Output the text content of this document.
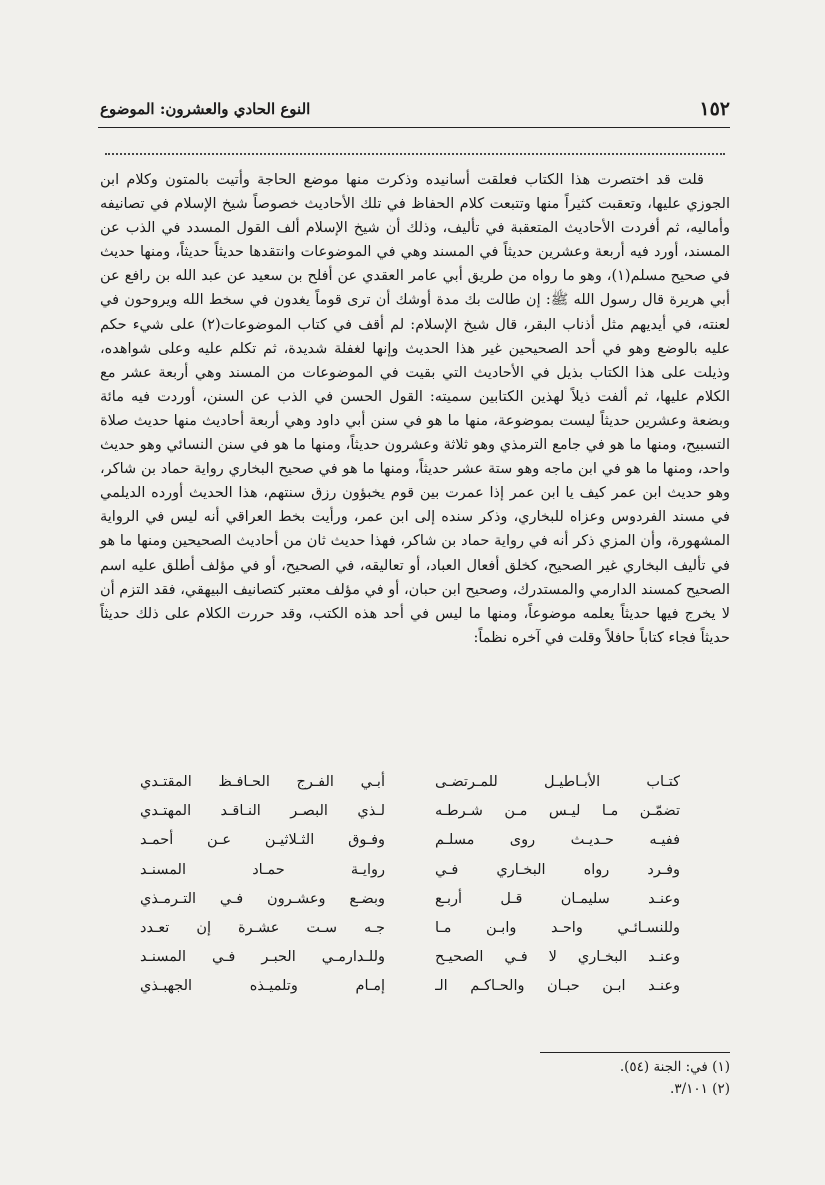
١٥٢
النوع الحادي والعشرون: الموضوع

قلت قد اختصرت هذا الكتاب فعلقت أسانيده وذكرت منها موضع الحاجة وأتيت بالمتون وكلام ابن الجوزي عليها، وتعقبت كثيراً منها وتتبعت كلام الحفاظ في تلك الأحاديث خصوصاً شيخ الإسلام في تصانيفه وأماليه، ثم أفردت الأحاديث المتعقبة في تأليف، وذلك أن شيخ الإسلام ألف القول المسدد في الذب عن المسند، أورد فيه أربعة وعشرين حديثاً في المسند وهي في الموضوعات وانتقدها حديثاً حديثاً، ومنها حديث في صحيح مسلم(١)، وهو ما رواه من طريق أبي عامر العقدي عن أفلح بن سعيد عن عبد الله بن رافع عن أبي هريرة قال رسول الله ﷺ: إن طالت بك مدة أوشك أن ترى قوماً يغدون في سخط الله ويروحون في لعنته، في أيديهم مثل أذناب البقر، قال شيخ الإسلام: لم أقف في كتاب الموضوعات(٢) على شيء حكم عليه بالوضع وهو في أحد الصحيحين غير هذا الحديث وإنها لغفلة شديدة، ثم تكلم عليه وعلى شواهده، وذيلت على هذا الكتاب بذيل في الأحاديث التي بقيت في الموضوعات من المسند وهي أربعة عشر مع الكلام عليها، ثم ألفت ذيلاً لهذين الكتابين سميته: القول الحسن في الذب عن السنن، أوردت فيه مائة وبضعة وعشرين حديثاً ليست بموضوعة، منها ما هو في سنن أبي داود وهي أربعة أحاديث منها حديث صلاة التسبيح، ومنها ما هو في جامع الترمذي وهو ثلاثة وعشرون حديثاً، ومنها ما هو في سنن النسائي وهو حديث واحد، ومنها ما هو في ابن ماجه وهو ستة عشر حديثاً، ومنها ما هو في صحيح البخاري رواية حماد بن شاكر، وهو حديث ابن عمر كيف يا ابن عمر إذا عمرت بين قوم يخبؤون رزق سنتهم، هذا الحديث أورده الديلمي في مسند الفردوس وعزاه للبخاري، وذكر سنده إلى ابن عمر، ورأيت بخط العراقي أنه ليس في الرواية المشهورة، وأن المزي ذكر أنه في رواية حماد بن شاكر، فهذا حديث ثان من أحاديث الصحيحين ومنها ما هو في تأليف البخاري غير الصحيح، كخلق أفعال العباد، أو تعاليقه، في الصحيح، أو في مؤلف أطلق عليه اسم الصحيح كمسند الدارمي والمستدرك، وصحيح ابن حبان، أو في مؤلف معتبر كتصانيف البيهقي، فقد التزم أن لا يخرج فيها حديثاً يعلمه موضوعاً، ومنها ما ليس في أحد هذه الكتب، وقد حررت الكلام على ذلك حديثاً حديثاً فجاء كتاباً حافلاً وقلت في آخره نظماً:

كتـاب الأبـاطيـل للمـرتضـى
أبـي الفـرج الحـافـظ المقتـدي
تضمّـن مـا ليـس مـن شـرطـه
لـذي البصـر النـاقـد المهتـدي
ففيـه حـديـث روى مسلـم
وفـوق الثـلاثيـن عـن أحمـد
وفـرد رواه البخـاري فـي
روايـة حمـاد المسنـد
وعنـد سليمـان قـل أربـع
وبضـع وعشـرون فـي التـرمـذي
وللنسـائـي واحـد وابـن مـا
جـه سـت عشـرة إن تعـدد
وعنـد البخـاري لا فـي الصحيـح
وللـدارمـي الحبـر فـي المسنـد
وعنـد ابـن حبـان والحـاكـم الـ
إمـام وتلميـذه الجهبـذي
(١) في: الجنة (٥٤).
(٢) ٣/١٠١.
